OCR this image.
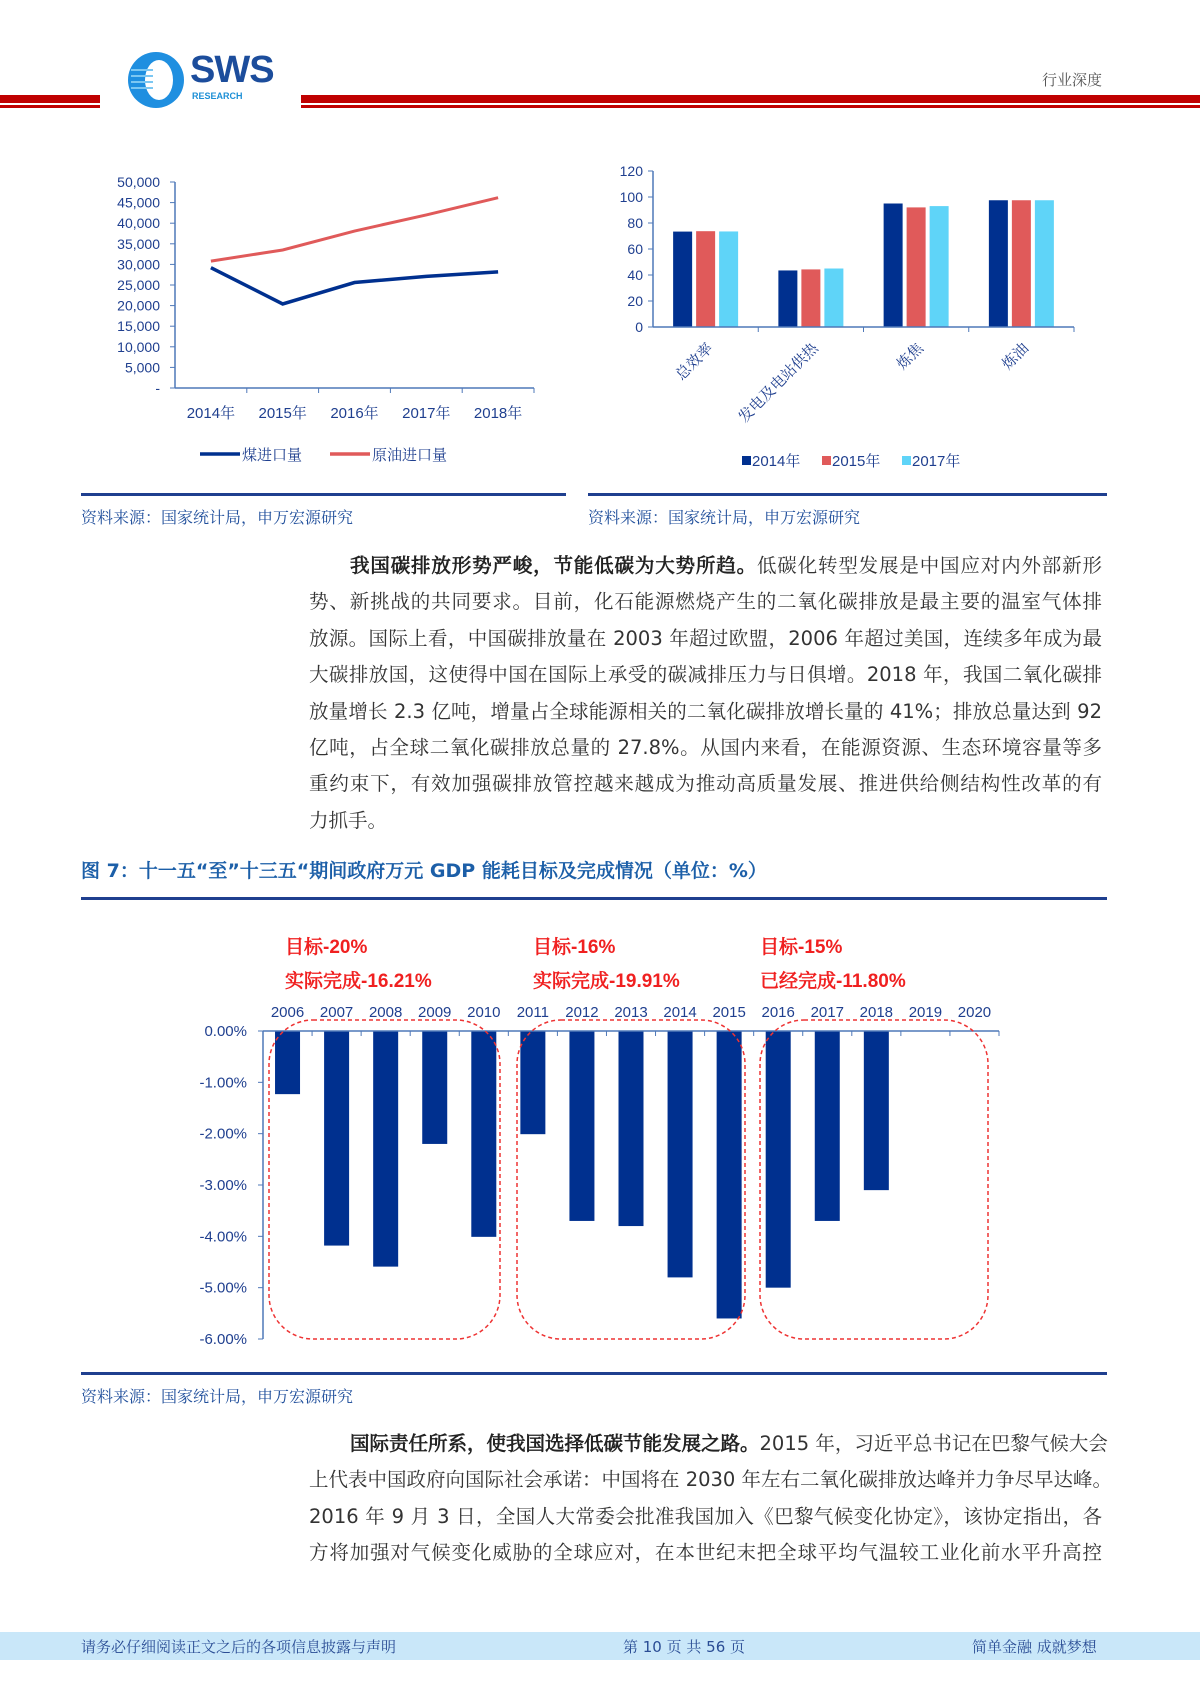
SWS
RESEARCH
行业深度
-
5,000
10,000
15,000
20,000
25,000
30,000
35,000
40,000
45,000
50,000
2014年 2015年 2016年 2017年 2018年
煤进口量	原油进口量
0
20
40
60
80
100
120
总效率 发电及电站供热	炼焦	炼油
2014年 2015年 2017年
资料来源：国家统计局，申万宏源研究	资料来源：国家统计局，申万宏源研究
我国碳排放形势严峻，节能低碳为大势所趋。低碳化转型发展是中国应对内外部新形
势、新挑战的共同要求。目前，化石能源燃烧产生的二氧化碳排放是最主要的温室气体排
放源。国际上看，中国碳排放量在 2003 年超过欧盟，2006 年超过美国，连续多年成为最
大碳排放国，这使得中国在国际上承受的碳减排压力与日俱增。2018 年，我国二氧化碳排
放量增长 2.3 亿吨，增量占全球能源相关的二氧化碳排放增长量的 41%；排放总量达到 92
亿吨，占全球二氧化碳排放总量的 27.8%。从国内来看，在能源资源、生态环境容量等多
重约束下，有效加强碳排放管控越来越成为推动高质量发展、推进供给侧结构性改革的有
力抓手。
图 7：十一五“至”十三五“期间政府万元 GDP 能耗目标及完成情况（单位：%）
0.00%
-1.00%
-2.00%
-3.00%
-4.00%
-5.00%
-6.00%
2006 2007 2008 2009 2010 2011 2012 2013 2014 2015 2016 2017 2018 2019 2020
目标-20%
实际完成-16.21%
目标-16%
实际完成-19.91%
目标-15%
已经完成-11.80%
资料来源：国家统计局，申万宏源研究
国际责任所系，使我国选择低碳节能发展之路。2015 年，习近平总书记在巴黎气候大会
上代表中国政府向国际社会承诺：中国将在 2030 年左右二氧化碳排放达峰并力争尽早达峰。
2016 年 9 月 3 日，全国人大常委会批准我国加入《巴黎气候变化协定》，该协定指出，各
方将加强对气候变化威胁的全球应对，在本世纪末把全球平均气温较工业化前水平升高控
请务必仔细阅读正文之后的各项信息披露与声明	第 10 页 共 56 页	简单金融 成就梦想
